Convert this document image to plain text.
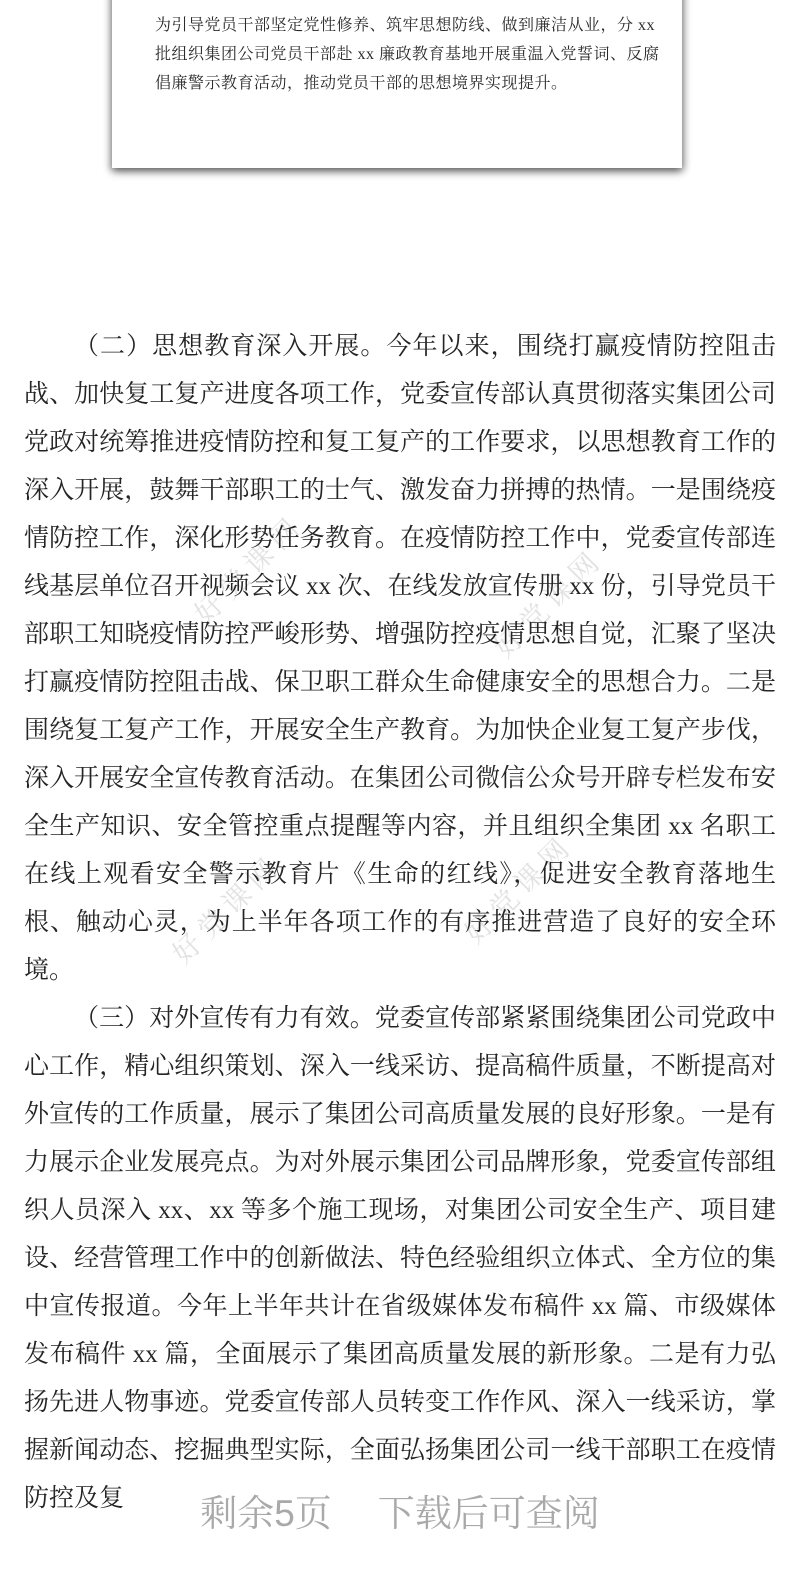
好党课网	好党课网
好党课网	好党课网
为引导党员干部坚定党性修养、筑牢思想防线、做到廉洁从业，分 xx
批组织集团公司党员干部赴 xx 廉政教育基地开展重温入党誓词、反腐
倡廉警示教育活动，推动党员干部的思想境界实现提升。

（二）思想教育深入开展。今年以来，围绕打赢疫情防控阻击战、加快复工复产进度各项工作，党委宣传部认真贯彻落实集团公司党政对统筹推进疫情防控和复工复产的工作要求，以思想教育工作的深入开展，鼓舞干部职工的士气、激发奋力拼搏的热情。一是围绕疫情防控工作，深化形势任务教育。在疫情防控工作中，党委宣传部连线基层单位召开视频会议 xx 次、在线发放宣传册 xx 份，引导党员干部职工知晓疫情防控严峻形势、增强防控疫情思想自觉，汇聚了坚决打赢疫情防控阻击战、保卫职工群众生命健康安全的思想合力。二是围绕复工复产工作，开展安全生产教育。为加快企业复工复产步伐，深入开展安全宣传教育活动。在集团公司微信公众号开辟专栏发布安全生产知识、安全管控重点提醒等内容，并且组织全集团 xx 名职工在线上观看安全警示教育片《生命的红线》，促进安全教育落地生根、触动心灵，为上半年各项工作的有序推进营造了良好的安全环境。

（三）对外宣传有力有效。党委宣传部紧紧围绕集团公司党政中心工作，精心组织策划、深入一线采访、提高稿件质量，不断提高对外宣传的工作质量，展示了集团公司高质量发展的良好形象。一是有力展示企业发展亮点。为对外展示集团公司品牌形象，党委宣传部组织人员深入 xx、xx 等多个施工现场，对集团公司安全生产、项目建设、经营管理工作中的创新做法、特色经验组织立体式、全方位的集中宣传报道。今年上半年共计在省级媒体发布稿件 xx 篇、市级媒体发布稿件 xx 篇，全面展示了集团高质量发展的新形象。二是有力弘扬先进人物事迹。党委宣传部人员转变工作作风、深入一线采访，掌握新闻动态、挖掘典型实际，全面弘扬集团公司一线干部职工在疫情防控及复	剩余5页 下载后可查阅
